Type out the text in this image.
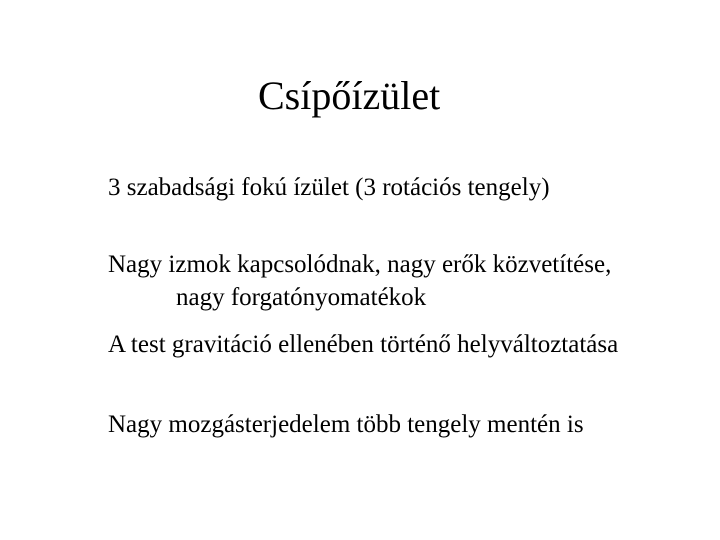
Csípőízület
3 szabadsági fokú ízület (3 rotációs tengely)
Nagy izmok kapcsolódnak, nagy erők közvetítése,
nagy forgatónyomatékok
A test gravitáció ellenében történő helyváltoztatása
Nagy mozgásterjedelem több tengely mentén is
